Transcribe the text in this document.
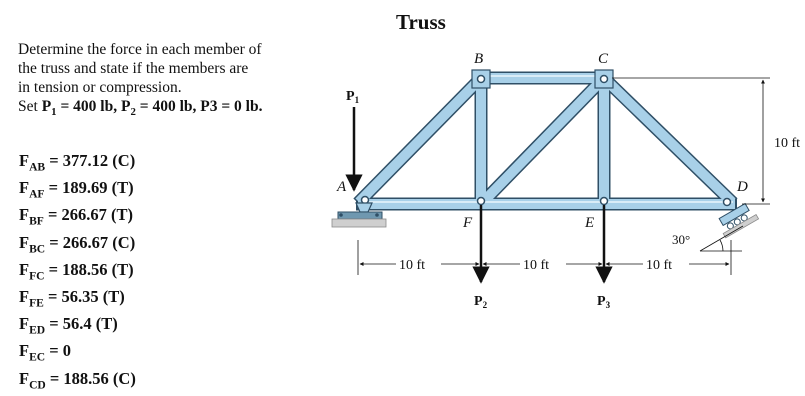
Truss
Determine the force in each member of
the truss and state if the members are
in tension or compression.
Set $P_1 = 400$ lb, $P_2 = 400$ lb, P3 = 0 lb.
$F_{AB} = 377.12$ (C)
$F_{AF} = 189.69$ (T)
$F_{BF} = 266.67$ (T)
$F_{BC} = 266.67$ (C)
$F_{FC} = 188.56$ (T)
$F_{FE} = 56.35$ (T)
$F_{ED} = 56.4$ (T)
$F_{EC} = 0$
$F_{CD} = 188.56$ (C)
30°
$P_1$
$P_2$	$P_3$
A
B	C
D
F	E
10 ft	10 ft	10 ft
10 ft
